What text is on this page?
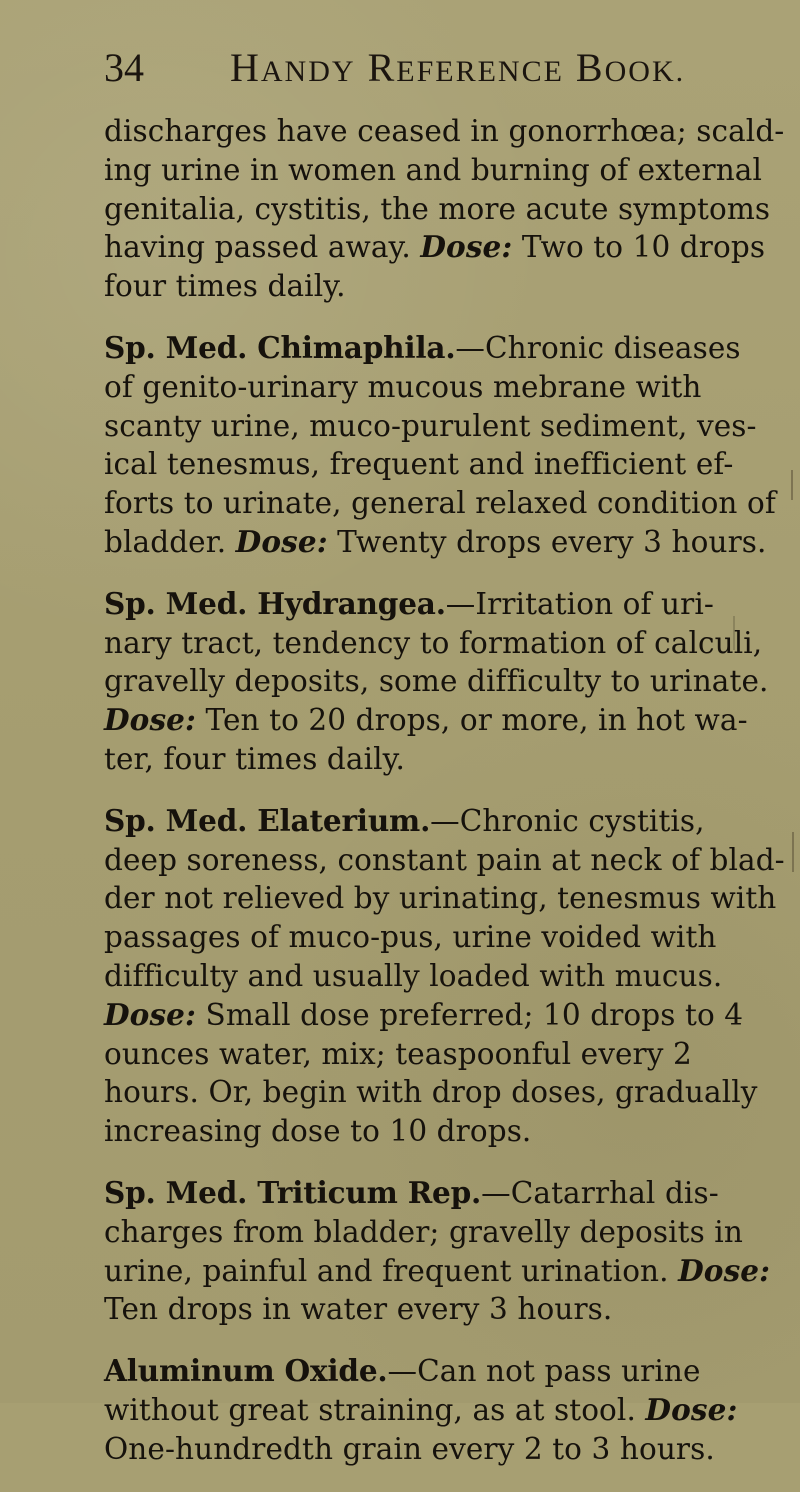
34 HANDY REFERENCE BOOK.
discharges have ceased in gonorrhœa; scald-
ing urine in women and burning of external
genitalia, cystitis, the more acute symptoms
having passed away. Dose: Two to 10 drops
four times daily.
Sp. Med. Chimaphila.—Chronic diseases
of genito-urinary mucous mebrane with
scanty urine, muco-purulent sediment, ves-
ical tenesmus, frequent and inefficient ef-
forts to urinate, general relaxed condition of
bladder. Dose: Twenty drops every 3 hours.
Sp. Med. Hydrangea.—Irritation of uri-
nary tract, tendency to formation of calculi,
gravelly deposits, some difficulty to urinate.
Dose: Ten to 20 drops, or more, in hot wa-
ter, four times daily.
Sp. Med. Elaterium.—Chronic cystitis,
deep soreness, constant pain at neck of blad-
der not relieved by urinating, tenesmus with
passages of muco-pus, urine voided with
difficulty and usually loaded with mucus.
Dose: Small dose preferred; 10 drops to 4
ounces water, mix; teaspoonful every 2
hours. Or, begin with drop doses, gradually
increasing dose to 10 drops.
Sp. Med. Triticum Rep.—Catarrhal dis-
charges from bladder; gravelly deposits in
urine, painful and frequent urination. Dose:
Ten drops in water every 3 hours.
Aluminum Oxide.—Can not pass urine
without great straining, as at stool. Dose:
One-hundredth grain every 2 to 3 hours.
